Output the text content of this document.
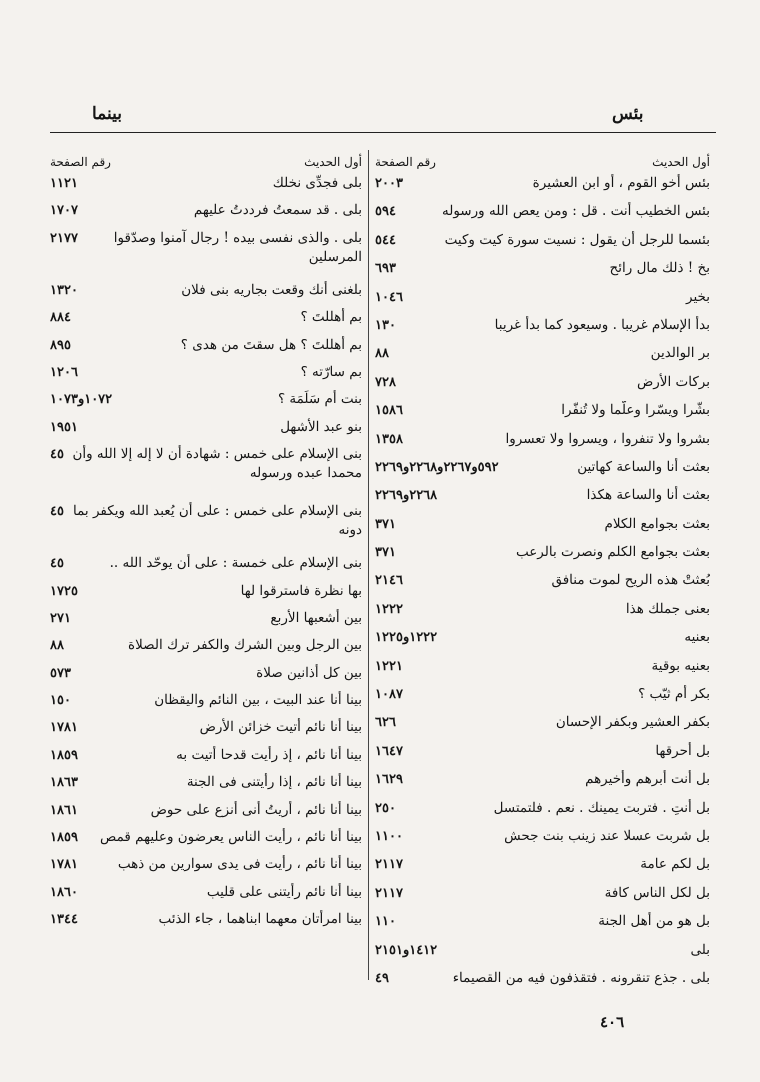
بئس
بينما
أول الحديث
رقم الصفحة
بئس أخو القوم ، أو ابن العشيرة
٢٠٠٣
بئس الخطيب أنت . قل : ومن يعص الله ورسوله
٥٩٤
بئسما للرجل أن يقول : نسيت سورة كيت وكيت
٥٤٤
بخ ! ذلك مال رائح
٦٩٣
بخير
١٠٤٦
بدأ الإسلام غريبا . وسيعود كما بدأ غريبا
١٣٠
بر الوالدين
٨٨
بركات الأرض
٧٢٨
بشّرا ويسّرا وعلّما ولا تُنفّرا
١٥٨٦
بشروا ولا تنفروا ، ويسروا ولا تعسروا
١٣٥٨
بعثت أنا والساعة كهاتين
٥٩٢و٢٢٦٧و٢٢٦٨و٢٢٦٩
بعثت أنا والساعة هكذا
٢٢٦٨و٢٢٦٩
بعثت بجوامع الكلام
٣٧١
بعثت بجوامع الكلم ونصرت بالرعب
٣٧١
بُعثتْ هذه الريح لموت منافق
٢١٤٦
بعنى جملك هذا
١٢٢٢
بعنيه
١٢٢٢و١٢٢٥
بعنيه بوقية
١٢٢١
بكر أم ثيّب ؟
١٠٨٧
بكفر العشير وبكفر الإحسان
٦٢٦
بل أحرقها
١٦٤٧
بل أنت أبرهم وأخيرهم
١٦٢٩
بل أنتِ . فتربت يمينك . نعم . فلتمتسل
٢٥٠
بل شربت عسلا عند زينب بنت جحش
١١٠٠
بل لكم عامة
٢١١٧
بل لكل الناس كافة
٢١١٧
بل هو من أهل الجنة
١١٠
بلى
١٤١٢و٢١٥١
بلى . جذع تنقرونه . فتقذفون فيه من القصيماء
٤٩
أول الحديث
رقم الصفحة
بلى فجدِّى نخلك
١١٢١
بلى . قد سمعتُ فرددتُ عليهم
١٧٠٧
بلى . والذى نفسى بيده ! رجال آمنوا وصدّقوا المرسلين
٢١٧٧
بلغنى أنك وقعت بجاريه بنى فلان
١٣٢٠
بم أهللتَ ؟
٨٨٤
بم أهللتَ ؟ هل سقتَ من هدى ؟
٨٩٥
بم سارّته ؟
١٢٠٦
بنت أم سَلَمَة ؟
١٠٧٢و١٠٧٣
بنو عبد الأشهل
١٩٥١
بنى الإسلام على خمس : شهادة أن لا إله إلا الله وأن محمدا عبده ورسوله
٤٥
بنى الإسلام على خمس : على أن يُعبد الله ويكفر بما دونه
٤٥
بنى الإسلام على خمسة : على أن يوحّد الله ..
٤٥
بها نظرة فاسترقوا لها
١٧٢٥
بين أشعبها الأربع
٢٧١
بين الرجل وبين الشرك والكفر ترك الصلاة
٨٨
بين كل أذانين صلاة
٥٧٣
بينا أنا عند البيت ، بين النائم واليقظان
١٥٠
بينا أنا نائم أتيت خزائن الأرض
١٧٨١
بينا أنا نائم ، إذ رأيت قدحا أتيت به
١٨٥٩
بينا أنا نائم ، إذا رأيتنى فى الجنة
١٨٦٣
بينا أنا نائم ، أريتُ أنى أنزع على حوض
١٨٦١
بينا أنا نائم ، رأيت الناس يعرضون وعليهم قمص
١٨٥٩
بينا أنا نائم ، رأيت فى يدى سوارين من ذهب
١٧٨١
بينا أنا نائم رأيتنى على قليب
١٨٦٠
بينا امرأتان معهما ابناهما ، جاء الذئب
١٣٤٤
٤٠٦
